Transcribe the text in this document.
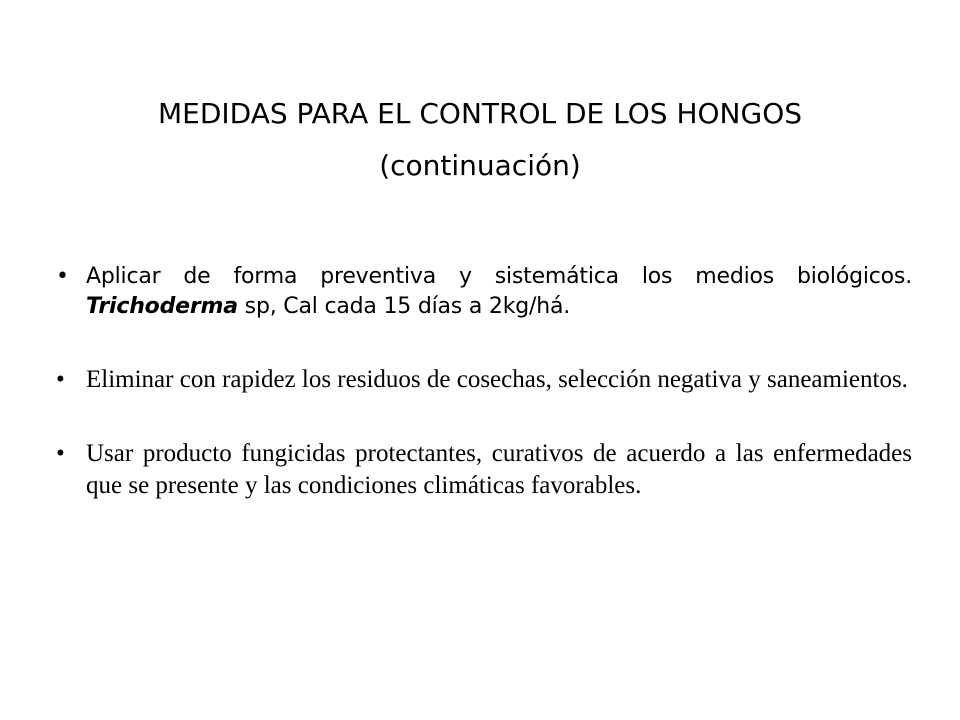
MEDIDAS PARA EL CONTROL DE LOS HONGOS
(continuación)
• Aplicar de forma preventiva y sistemática los medios biológicos. Trichoderma sp, Cal cada 15 días a 2kg/há.
• Eliminar con rapidez los residuos de cosechas, selección negativa y saneamientos.
• Usar producto fungicidas protectantes, curativos de acuerdo a las enfermedades que se presente y las condiciones climáticas favorables.
